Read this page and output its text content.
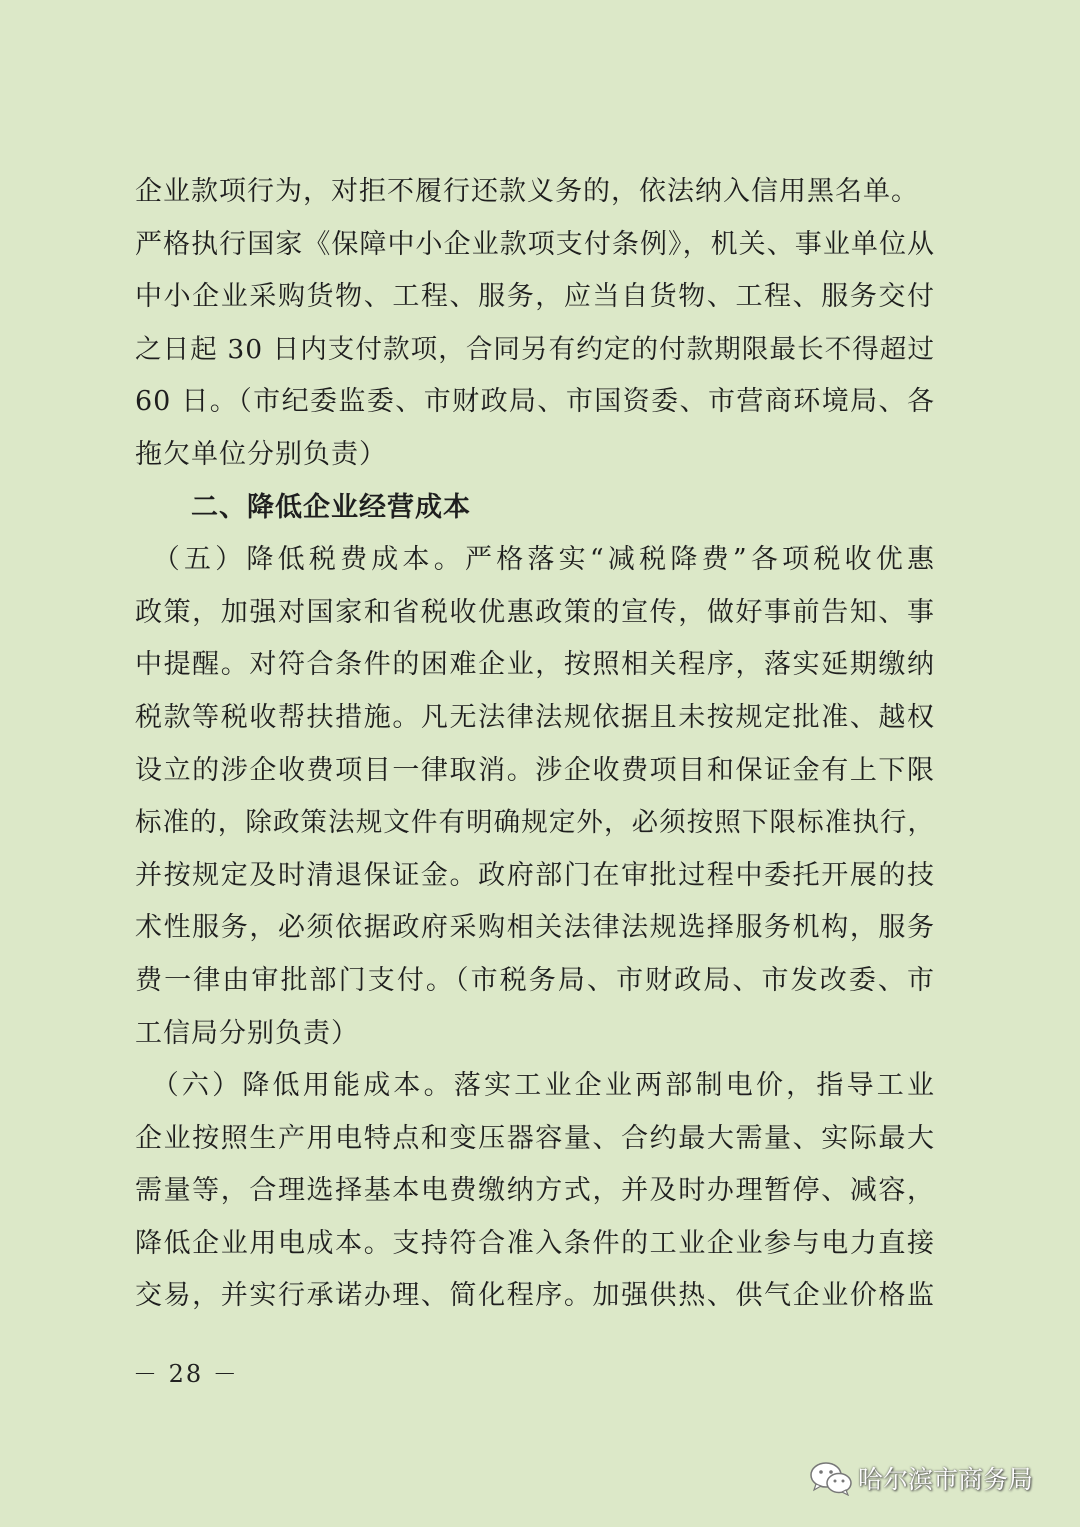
企业款项行为，对拒不履行还款义务的，依法纳入信用黑名单。
严格执行国家《保障中小企业款项支付条例》，机关、事业单位从
中小企业采购货物、工程、服务，应当自货物、工程、服务交付
之日起 30 日内支付款项，合同另有约定的付款期限最长不得超过
60 日。（市纪委监委、市财政局、市国资委、市营商环境局、各
拖欠单位分别负责）
二、降低企业经营成本
　（五）降低税费成本。严格落实“减税降费”各项税收优惠
政策，加强对国家和省税收优惠政策的宣传，做好事前告知、事
中提醒。对符合条件的困难企业，按照相关程序，落实延期缴纳
税款等税收帮扶措施。凡无法律法规依据且未按规定批准、越权
设立的涉企收费项目一律取消。涉企收费项目和保证金有上下限
标准的，除政策法规文件有明确规定外，必须按照下限标准执行，
并按规定及时清退保证金。政府部门在审批过程中委托开展的技
术性服务，必须依据政府采购相关法律法规选择服务机构，服务
费一律由审批部门支付。（市税务局、市财政局、市发改委、市
工信局分别负责）
　（六）降低用能成本。落实工业企业两部制电价，指导工业
企业按照生产用电特点和变压器容量、合约最大需量、实际最大
需量等，合理选择基本电费缴纳方式，并及时办理暂停、减容，
降低企业用电成本。支持符合准入条件的工业企业参与电力直接
交易，并实行承诺办理、简化程序。加强供热、供气企业价格监
－ 28 －
哈尔滨市商务局
